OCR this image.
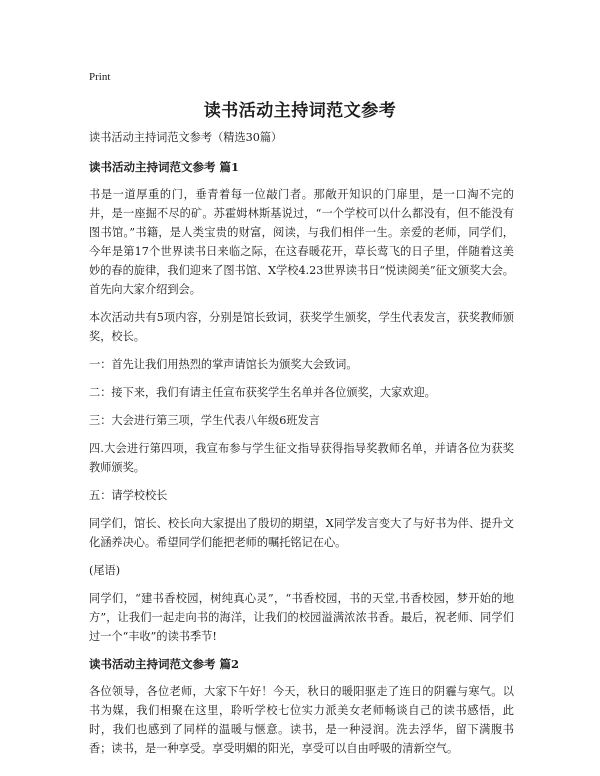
Print
读书活动主持词范文参考

读书活动主持词范文参考（精选30篇）

读书活动主持词范文参考 篇1

书是一道厚重的门，垂青着每一位敲门者。那敞开知识的门扉里，是一口淘不完的井，是一座掘不尽的矿。苏霍姆林斯基说过，“一个学校可以什么都没有，但不能没有图书馆。”书籍，是人类宝贵的财富，阅读，与我们相伴一生。亲爱的老师，同学们，今年是第17个世界读书日来临之际，在这春暖花开，草长莺飞的日子里，伴随着这美妙的春的旋律，我们迎来了图书馆、X学校4.23世界读书日“悦读阅美”征文颁奖大会。首先向大家介绍到会。

本次活动共有5项内容，分别是馆长致词，获奖学生颁奖，学生代表发言，获奖教师颁奖，校长。

一：首先让我们用热烈的掌声请馆长为颁奖大会致词。

二：接下来，我们有请主任宣布获奖学生名单并各位颁奖，大家欢迎。

三：大会进行第三项，学生代表八年级6班发言

四.大会进行第四项，我宣布参与学生征文指导获得指导奖教师名单，并请各位为获奖教师颁奖。

五：请学校校长

同学们，馆长、校长向大家提出了殷切的期望，X同学发言变大了与好书为伴、提升文化涵养决心。希望同学们能把老师的嘱托铭记在心。

(尾语)

同学们，“建书香校园，树纯真心灵”，“书香校园，书的天堂,书香校园，梦开始的地方”，让我们一起走向书的海洋，让我们的校园溢满浓浓书香。最后，祝老师、同学们过一个“丰收”的读书季节!

读书活动主持词范文参考 篇2

各位领导，各位老师，大家下午好！今天，秋日的暖阳驱走了连日的阴霾与寒气。以书为媒，我们相聚在这里，聆听学校七位实力派美女老师畅谈自己的读书感悟，此时，我们也感到了同样的温暖与惬意。读书，是一种浸润。洗去浮华，留下满腹书香；读书，是一种享受。享受明媚的阳光，享受可以自由呼吸的清新空气。
